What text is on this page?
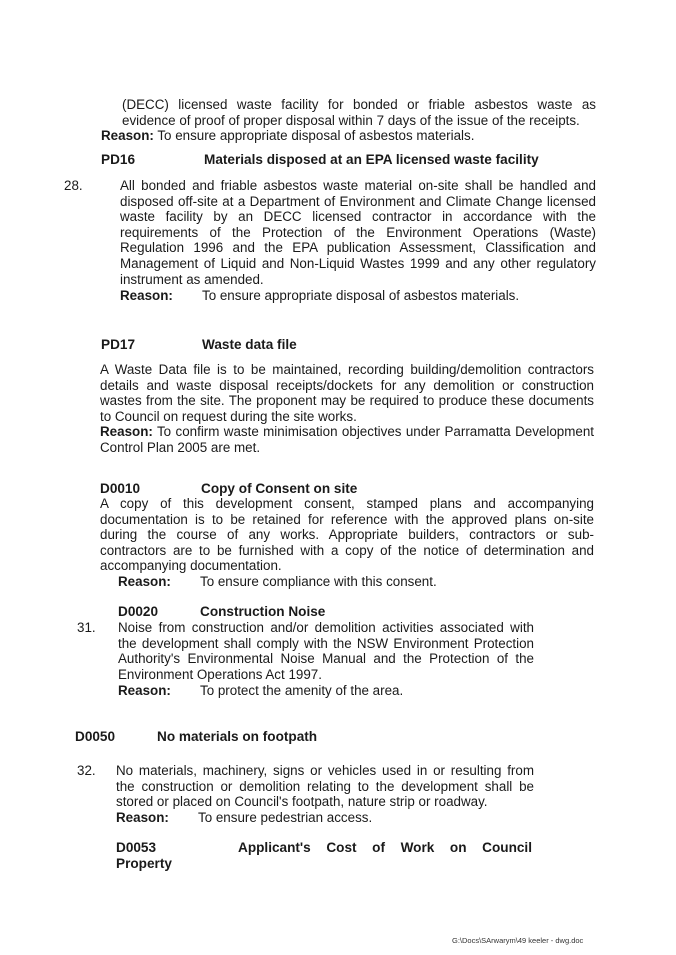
(DECC) licensed waste facility for bonded or friable asbestos waste as evidence of proof of proper disposal within 7 days of the issue of the receipts.
Reason: To ensure appropriate disposal of asbestos materials.
PD16	Materials disposed at an EPA licensed waste facility
28.	All bonded and friable asbestos waste material on-site shall be handled and disposed off-site at a Department of Environment and Climate Change licensed waste facility by an DECC licensed contractor in accordance with the requirements of the Protection of the Environment Operations (Waste) Regulation 1996 and the EPA publication Assessment, Classification and Management of Liquid and Non-Liquid Wastes 1999 and any other regulatory instrument as amended.
Reason: To ensure appropriate disposal of asbestos materials.
PD17	Waste data file
A Waste Data file is to be maintained, recording building/demolition contractors details and waste disposal receipts/dockets for any demolition or construction wastes from the site. The proponent may be required to produce these documents to Council on request during the site works.
Reason: To confirm waste minimisation objectives under Parramatta Development Control Plan 2005 are met.
D0010	Copy of Consent on site
A copy of this development consent, stamped plans and accompanying documentation is to be retained for reference with the approved plans on-site during the course of any works. Appropriate builders, contractors or sub-contractors are to be furnished with a copy of the notice of determination and accompanying documentation.
Reason: To ensure compliance with this consent.
D0020	Construction Noise
31. Noise from construction and/or demolition activities associated with the development shall comply with the NSW Environment Protection Authority's Environmental Noise Manual and the Protection of the Environment Operations Act 1997.
Reason: To protect the amenity of the area.
D0050	No materials on footpath
32. No materials, machinery, signs or vehicles used in or resulting from the construction or demolition relating to the development shall be stored or placed on Council's footpath, nature strip or roadway.
Reason: To ensure pedestrian access.
D0053	Applicant's Cost of Work on Council Property
G:\Docs\SArwarym\49 keeler - dwg.doc
